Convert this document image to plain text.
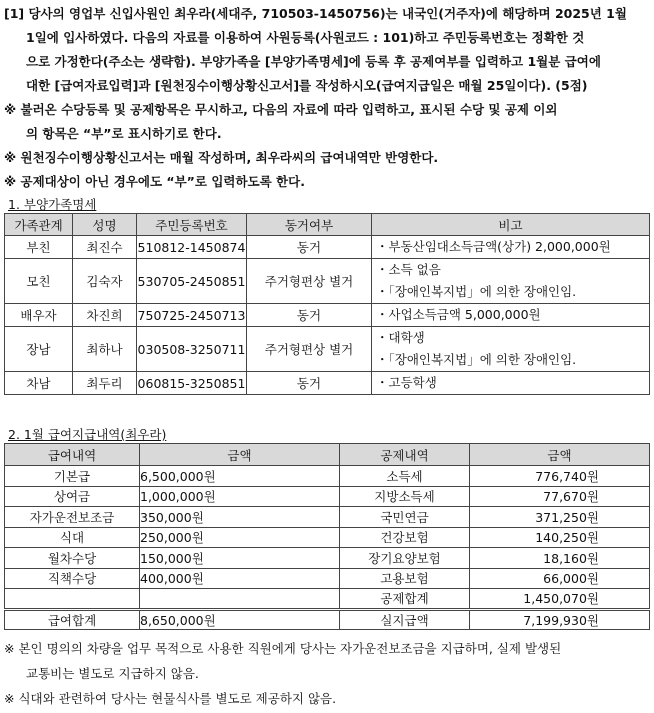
[1] 당사의 영업부 신입사원인 최우라(세대주, 710503-1450756)는 내국인(거주자)에 해당하며 2025년 1월

1일에 입사하였다. 다음의 자료를 이용하여 사원등록(사원코드 : 101)하고 주민등록번호는 정확한 것

으로 가정한다(주소는 생략함). 부양가족을 [부양가족명세]에 등록 후 공제여부를 입력하고 1월분 급여에

대한 [급여자료입력]과 [원천징수이행상황신고서]를 작성하시오(급여지급일은 매월 25일이다). (5점)

※ 불러온 수당등록 및 공제항목은 무시하고, 다음의 자료에 따라 입력하고, 표시된 수당 및 공제 이외

의 항목은 “부”로 표시하기로 한다.

※ 원천징수이행상황신고서는 매월 작성하며, 최우라씨의 급여내역만 반영한다.

※ 공제대상이 아닌 경우에도 “부”로 입력하도록 한다.

1. 부양가족명세
가족관계	성명	주민등록번호	동거여부	비고
부친	최진수	510812-1450874	동거	・부동산임대소득금액(상가) 2,000,000원

모친	김숙자	530705-2450851	주거형편상 별거	・소득 없음
・「장애인복지법」에 의한 장애인임.

배우자	차진희	750725-2450713	동거	・사업소득금액 5,000,000원

장남	최하나	030508-3250711	주거형편상 별거	・대학생
・「장애인복지법」에 의한 장애인임.

차남	최두리	060815-3250851	동거	・고등학생
2. 1월 급여지급내역(최우라)
급여내역	금액	공제내역	금액
기본급	6,500,000원	소득세	776,740원
상여금	1,000,000원	지방소득세	77,670원
자가운전보조금	350,000원	국민연금	371,250원
식대	250,000원	건강보험	140,250원
월차수당	150,000원	장기요양보험	18,160원
직책수당	400,000원	고용보험	66,000원
		공제합계	1,450,070원
급여합계	8,650,000원	실지급액	7,199,930원

※ 본인 명의의 차량을 업무 목적으로 사용한 직원에게 당사는 자가운전보조금을 지급하며, 실제 발생된

교통비는 별도로 지급하지 않음.

※ 식대와 관련하여 당사는 현물식사를 별도로 제공하지 않음.
